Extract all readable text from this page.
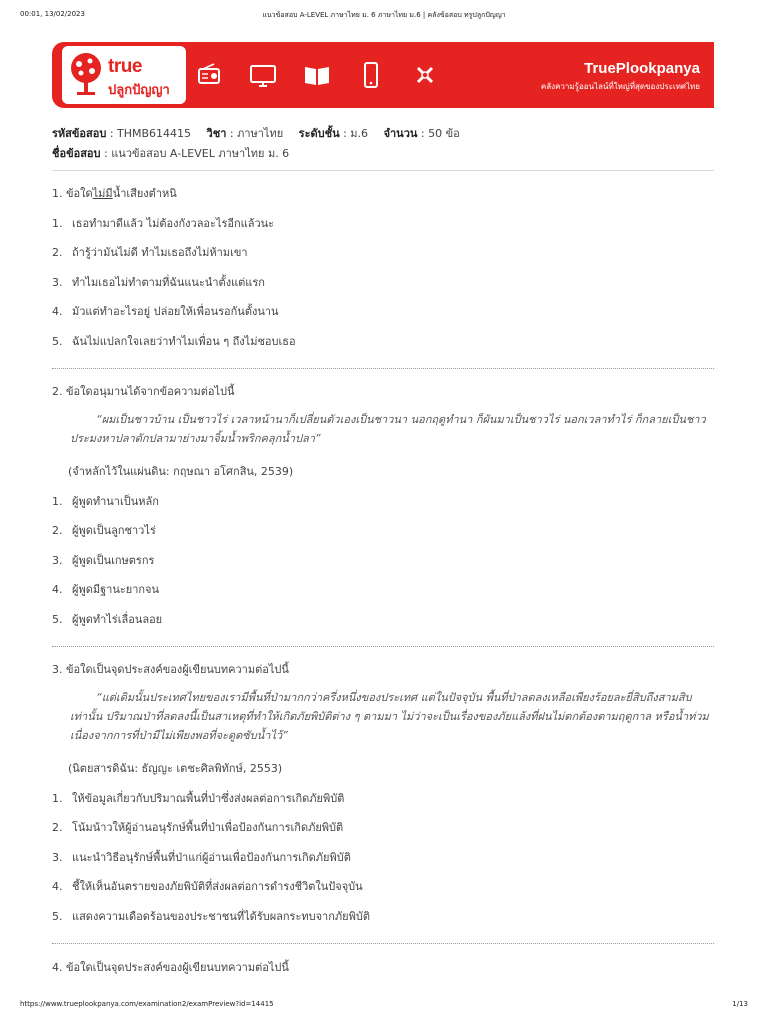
00:01, 13/02/2023	แนวข้อสอบ A-LEVEL ภาษาไทย ม. 6 ภาษาไทย ม.6 | คลังข้อสอบ ทรูปลูกปัญญา
true
ปลูกปัญญา
TruePlookpanya
คลังความรู้ออนไลน์ที่ใหญ่ที่สุดของประเทศไทย
รหัสข้อสอบ : THMB614415 วิชา : ภาษาไทย ระดับชั้น : ม.6 จำนวน : 50 ข้อ
ชื่อข้อสอบ : แนวข้อสอบ A-LEVEL ภาษาไทย ม. 6
1. ข้อใดไม่มีน้ำเสียงตำหนิ
1. เธอทำมาดีแล้ว ไม่ต้องกังวลอะไรอีกแล้วนะ
2. ถ้ารู้ว่ามันไม่ดี ทำไมเธอถึงไม่ห้ามเขา
3. ทำไมเธอไม่ทำตามที่ฉันแนะนำตั้งแต่แรก
4. มัวแต่ทำอะไรอยู่ ปล่อยให้เพื่อนรอกันตั้งนาน
5. ฉันไม่แปลกใจเลยว่าทำไมเพื่อน ๆ ถึงไม่ชอบเธอ
2. ข้อใดอนุมานได้จากข้อความต่อไปนี้
“ผมเป็นชาวบ้าน เป็นชาวไร่ เวลาหน้านาก็เปลี่ยนตัวเองเป็นชาวนา นอกฤดูทำนา ก็ผันมาเป็นชาวไร่ นอกเวลาทำไร่ ก็กลายเป็นชาวประมงหาปลาดักปลามาย่างมาจิ้มน้ำพริกคลุกน้ำปลา”
(จำหลักไว้ในแผ่นดิน: กฤษณา อโศกสิน, 2539)
1. ผู้พูดทำนาเป็นหลัก
2. ผู้พูดเป็นลูกชาวไร่
3. ผู้พูดเป็นเกษตรกร
4. ผู้พูดมีฐานะยากจน
5. ผู้พูดทำไร่เลื่อนลอย
3. ข้อใดเป็นจุดประสงค์ของผู้เขียนบทความต่อไปนี้
“แต่เดิมนั้นประเทศไทยของเรามีพื้นที่ป่ามากกว่าครึ่งหนึ่งของประเทศ แต่ในปัจจุบัน พื้นที่ป่าลดลงเหลือเพียงร้อยละยี่สิบถึงสามสิบเท่านั้น ปริมาณป่าที่ลดลงนี้เป็นสาเหตุที่ทำให้เกิดภัยพิบัติต่าง ๆ ตามมา ไม่ว่าจะเป็นเรื่องของภัยแล้งที่ฝนไม่ตกต้องตามฤดูกาล หรือน้ำท่วมเนื่องจากการที่ป่ามีไม่เพียงพอที่จะดูดซับน้ำไว้”
(นิตยสารดิฉัน: ธัญญะ เตชะศิลพิทักษ์, 2553)
1. ให้ข้อมูลเกี่ยวกับปริมาณพื้นที่ป่าซึ่งส่งผลต่อการเกิดภัยพิบัติ
2. โน้มน้าวให้ผู้อ่านอนุรักษ์พื้นที่ป่าเพื่อป้องกันการเกิดภัยพิบัติ
3. แนะนำวิธีอนุรักษ์พื้นที่ป่าแก่ผู้อ่านเพื่อป้องกันการเกิดภัยพิบัติ
4. ชี้ให้เห็นอันตรายของภัยพิบัติที่ส่งผลต่อการดำรงชีวิตในปัจจุบัน
5. แสดงความเดือดร้อนของประชาชนที่ได้รับผลกระทบจากภัยพิบัติ
4. ข้อใดเป็นจุดประสงค์ของผู้เขียนบทความต่อไปนี้
https://www.trueplookpanya.com/examination2/examPreview?id=14415	1/13
